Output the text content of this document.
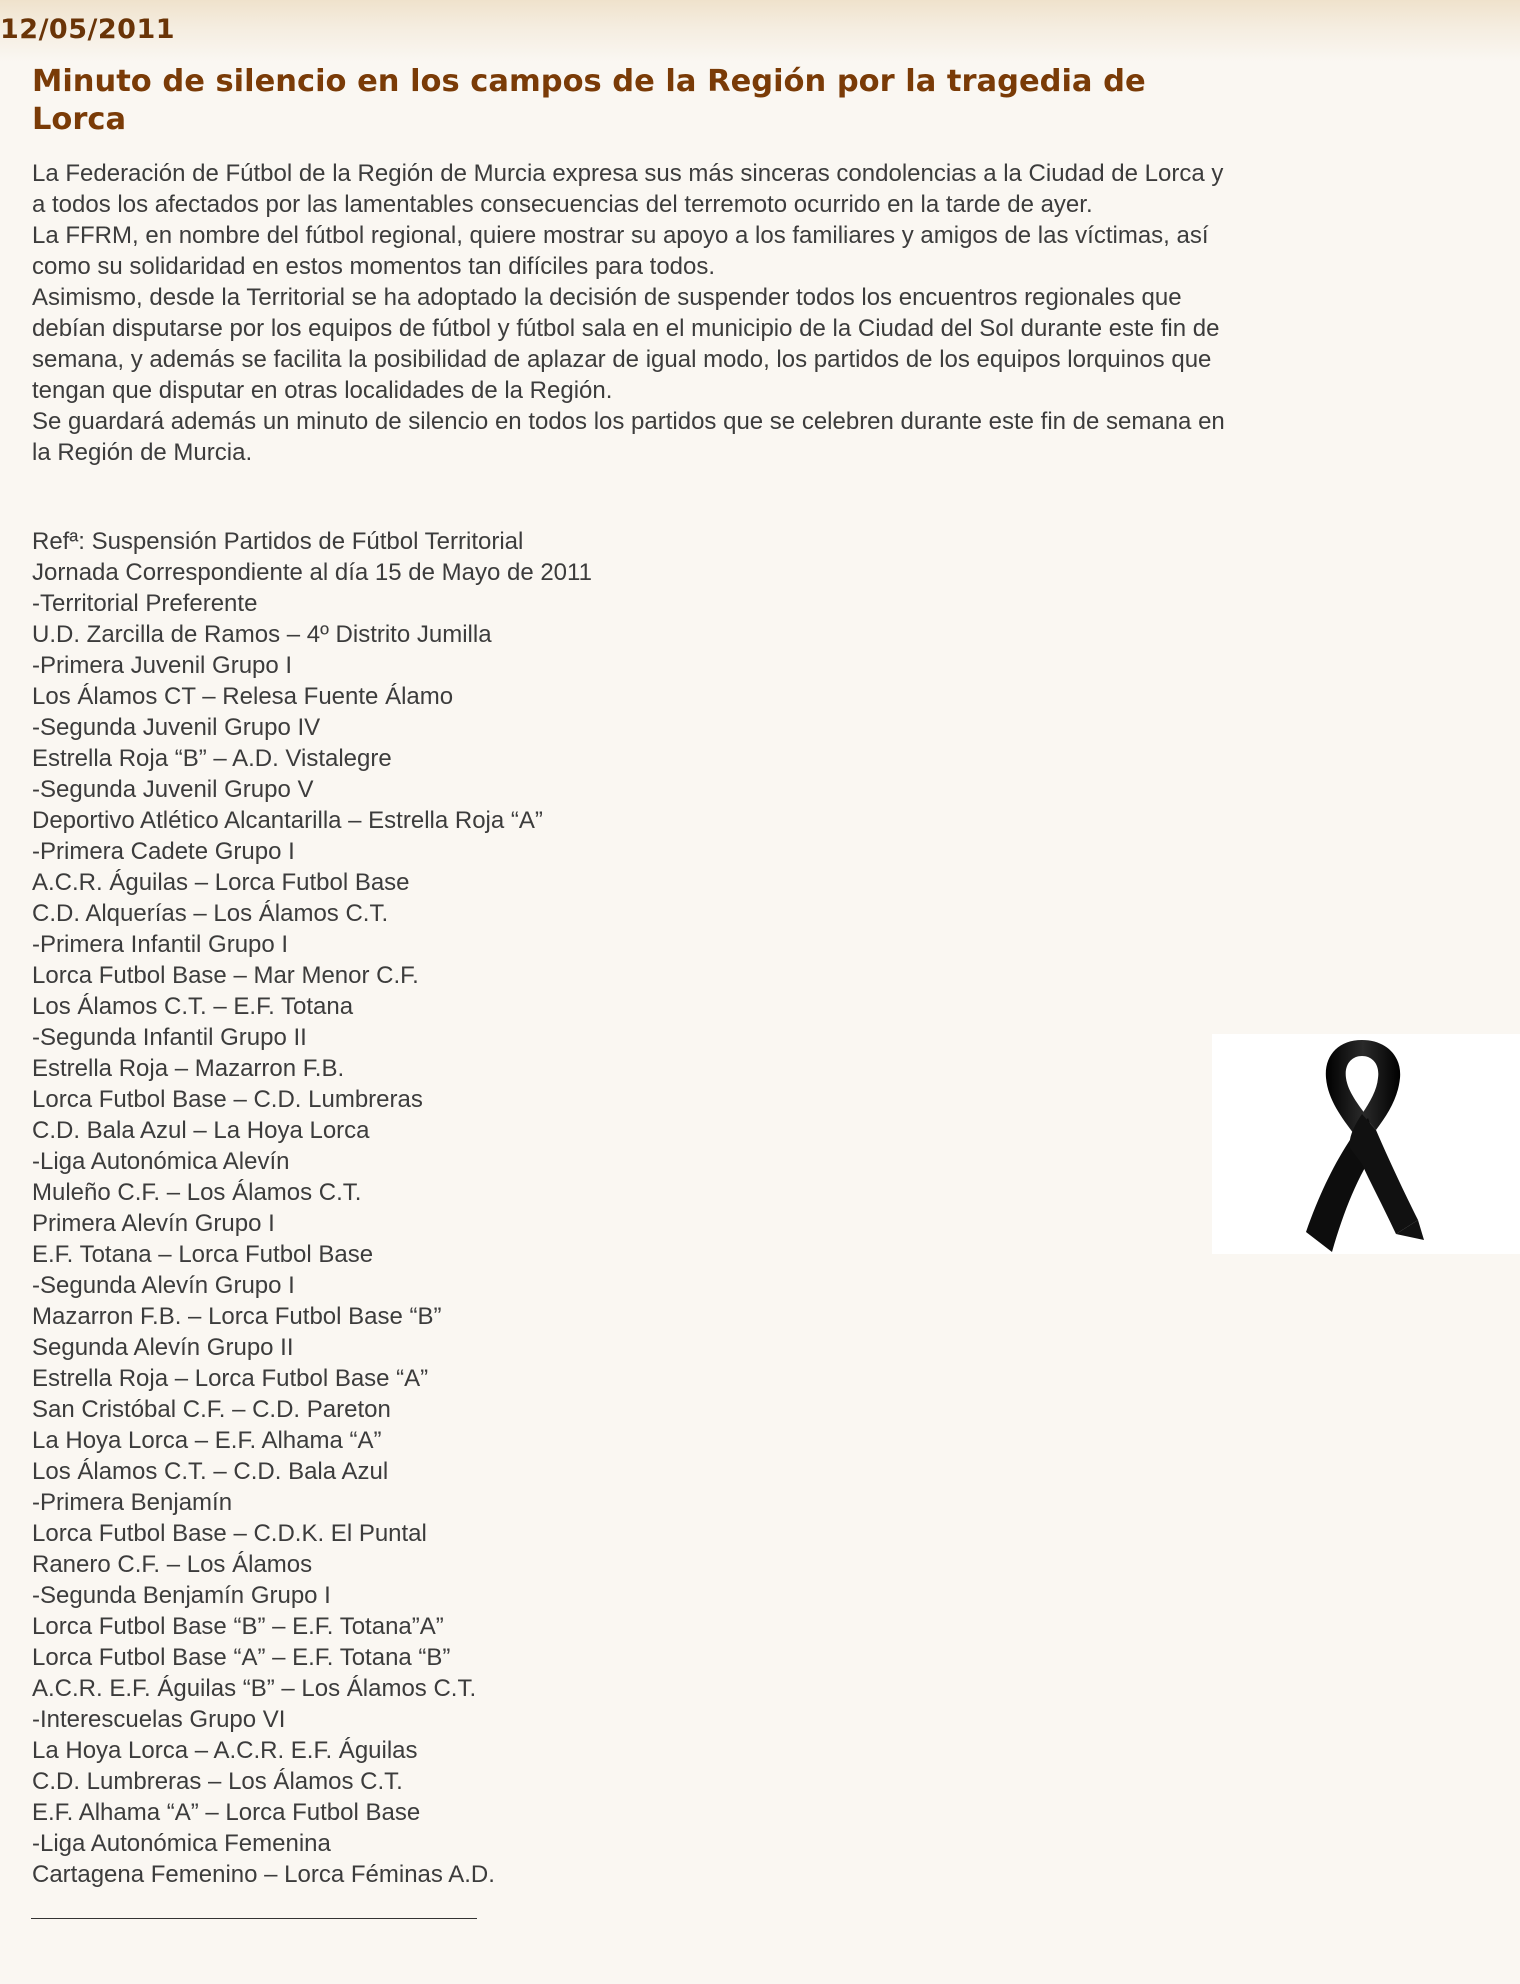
12/05/2011
Minuto de silencio en los campos de la Región por la tragedia de Lorca

La Federación de Fútbol de la Región de Murcia expresa sus más sinceras condolencias a la Ciudad de Lorca y a todos los afectados por las lamentables consecuencias del terremoto ocurrido en la tarde de ayer.

La FFRM, en nombre del fútbol regional, quiere mostrar su apoyo a los familiares y amigos de las víctimas, así como su solidaridad en estos momentos tan difíciles para todos.

Asimismo, desde la Territorial se ha adoptado la decisión de suspender todos los encuentros regionales que debían disputarse por los equipos de fútbol y fútbol sala en el municipio de la Ciudad del Sol durante este fin de semana, y además se facilita la posibilidad de aplazar de igual modo, los partidos de los equipos lorquinos que tengan que disputar en otras localidades de la Región.

Se guardará además un minuto de silencio en todos los partidos que se celebren durante este fin de semana en la Región de Murcia.

Refª: Suspensión Partidos de Fútbol Territorial
Jornada Correspondiente al día 15 de Mayo de 2011
-Territorial Preferente
U.D. Zarcilla de Ramos – 4º Distrito Jumilla
-Primera Juvenil Grupo I
Los Álamos CT – Relesa Fuente Álamo
-Segunda Juvenil Grupo IV
Estrella Roja “B” – A.D. Vistalegre
-Segunda Juvenil Grupo V
Deportivo Atlético Alcantarilla – Estrella Roja “A”
-Primera Cadete Grupo I
A.C.R. Águilas – Lorca Futbol Base
C.D. Alquerías – Los Álamos C.T.
-Primera Infantil Grupo I
Lorca Futbol Base – Mar Menor C.F.
Los Álamos C.T. – E.F. Totana
-Segunda Infantil Grupo II
Estrella Roja – Mazarron F.B.
Lorca Futbol Base – C.D. Lumbreras
C.D. Bala Azul – La Hoya Lorca
-Liga Autonómica Alevín
Muleño C.F. – Los Álamos C.T.
Primera Alevín Grupo I
E.F. Totana – Lorca Futbol Base
-Segunda Alevín Grupo I
Mazarron F.B. – Lorca Futbol Base “B”
Segunda Alevín Grupo II
Estrella Roja – Lorca Futbol Base “A”
San Cristóbal C.F. – C.D. Pareton
La Hoya Lorca – E.F. Alhama “A”
Los Álamos C.T. – C.D. Bala Azul
-Primera Benjamín
Lorca Futbol Base – C.D.K. El Puntal
Ranero C.F. – Los Álamos
-Segunda Benjamín Grupo I
Lorca Futbol Base “B” – E.F. Totana”A”
Lorca Futbol Base “A” – E.F. Totana “B”
A.C.R. E.F. Águilas “B” – Los Álamos C.T.
-Interescuelas Grupo VI
La Hoya Lorca – A.C.R. E.F. Águilas
C.D. Lumbreras – Los Álamos C.T.
E.F. Alhama “A” – Lorca Futbol Base
-Liga Autonómica Femenina
Cartagena Femenino – Lorca Féminas A.D.
